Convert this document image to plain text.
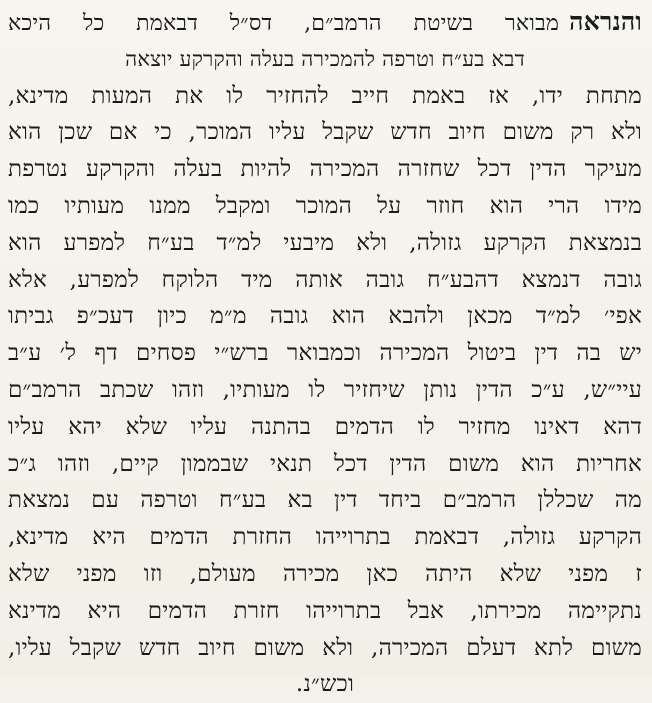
והנראהמבואר בשיטת הרמב״ם, דס״ל דבאמת כל היכא
דבא בע״ח וטרפה להמכירה בעלה והקרקע יוצאה
מתחת ידו, אז באמת חייב להחזיר לו את המעות מדינא,
ולא רק משום חיוב חדש שקבל עליו המוכר, כי אם שכן הוא
מעיקר הדין דכל שחזרה המכירה להיות בעלה והקרקע נטרפת
מידו הרי הוא חוזר על המוכר ומקבל ממנו מעותיו כמו
בנמצאת הקרקע גזולה, ולא מיבעי למ״ד בע״ח למפרע הוא
גובה דנמצא דהבע״ח גובה אותה מיד הלוקח למפרע, אלא
אפי׳ למ״ד מכאן ולהבא הוא גובה מ״מ כיון דעכ״פ גביתו
יש בה דין ביטול המכירה וכמבואר ברש״י פסחים דף ל׳ ע״ב
עיי״ש, ע״כ הדין נותן שיחזיר לו מעותיו, וזהו שכתב הרמב״ם
דהא דאינו מחזיר לו הדמים בהתנה עליו שלא יהא עליו
אחריות הוא משום הדין דכל תנאי שבממון קיים, וזהו ג״כ
מה שכללן הרמב״ם ביחד דין בא בע״ח וטרפה עם נמצאת
הקרקע גזולה, דבאמת בתרוייהו החזרת הדמים היא מדינא,
ז מפני שלא היתה כאן מכירה מעולם, וזו מפני שלא
נתקיימה מכירתו, אבל בתרוייהו חזרת הדמים היא מדינא
משום לתא דעלם המכירה, ולא משום חיוב חדש שקבל עליו,
וכש״נ.
